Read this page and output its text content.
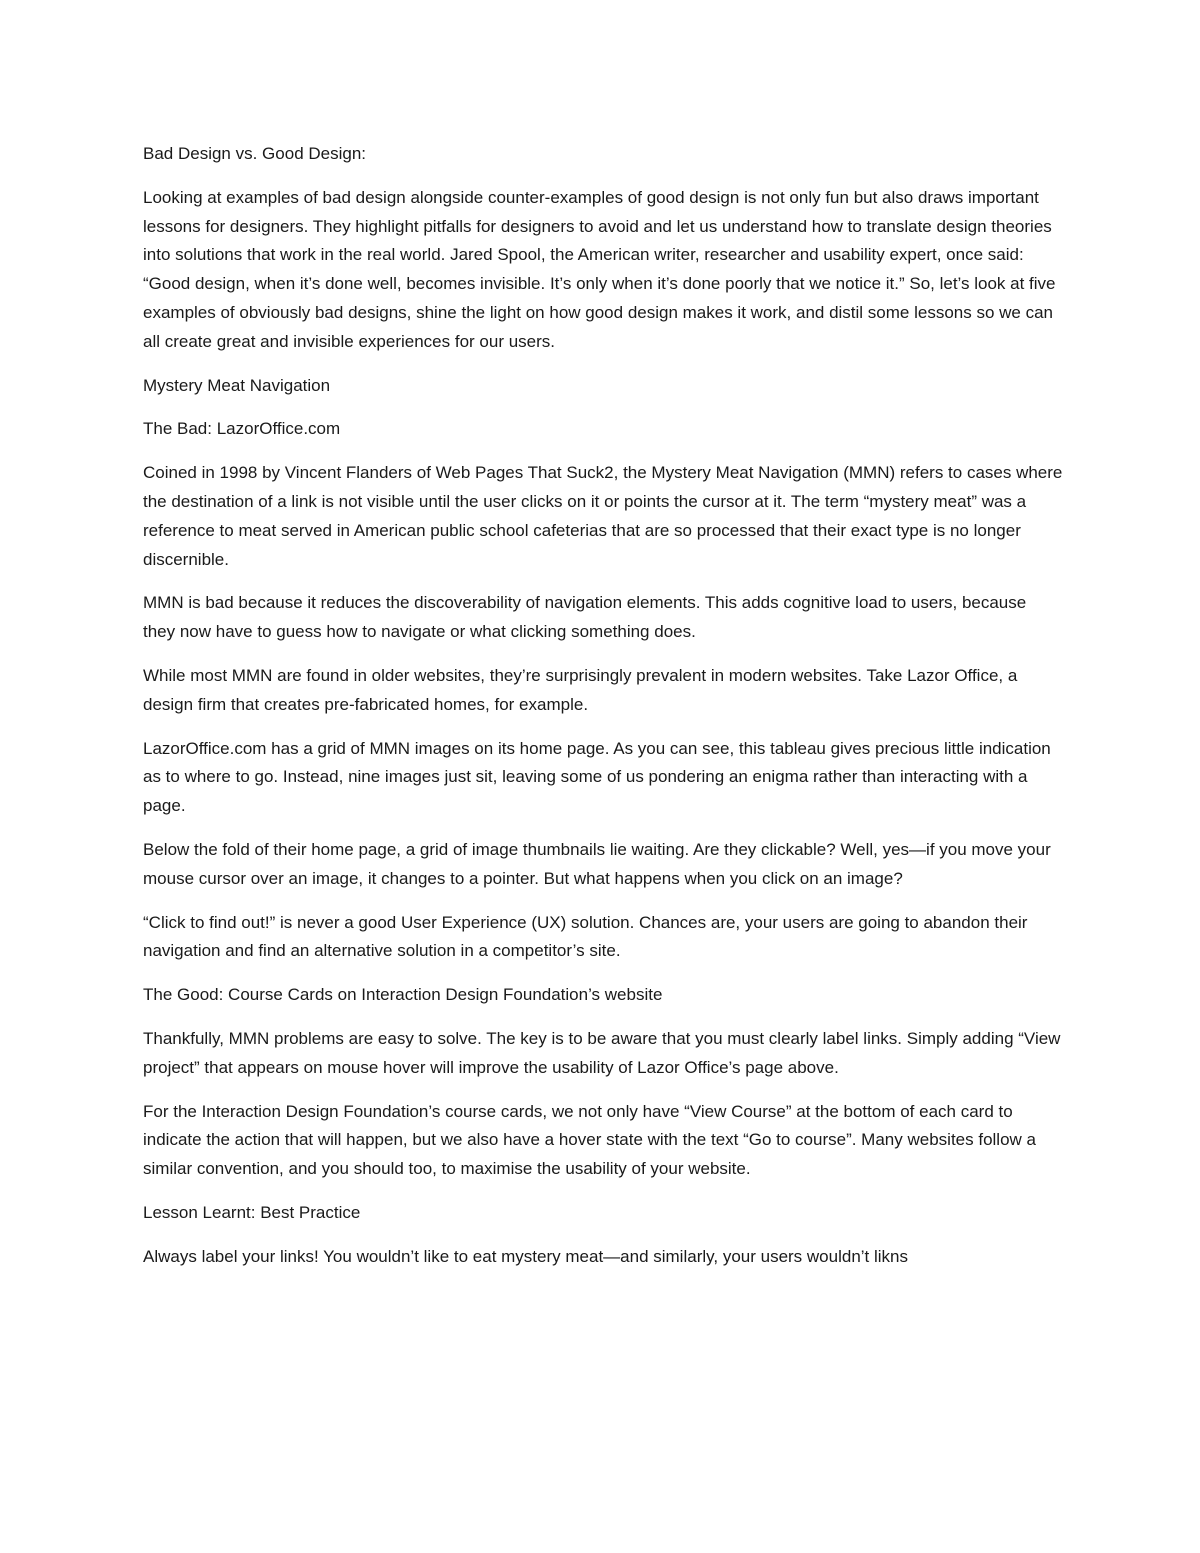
Bad Design vs. Good Design:

Looking at examples of bad design alongside counter-examples of good design is not only fun but also draws important lessons for designers. They highlight pitfalls for designers to avoid and let us understand how to translate design theories into solutions that work in the real world. Jared Spool, the American writer, researcher and usability expert, once said: “Good design, when it’s done well, becomes invisible. It’s only when it’s done poorly that we notice it.” So, let’s look at five examples of obviously bad designs, shine the light on how good design makes it work, and distil some lessons so we can all create great and invisible experiences for our users.

Mystery Meat Navigation

The Bad: LazorOffice.com

Coined in 1998 by Vincent Flanders of Web Pages That Suck2, the Mystery Meat Navigation (MMN) refers to cases where the destination of a link is not visible until the user clicks on it or points the cursor at it. The term “mystery meat” was a reference to meat served in American public school cafeterias that are so processed that their exact type is no longer discernible.

MMN is bad because it reduces the discoverability of navigation elements. This adds cognitive load to users, because they now have to guess how to navigate or what clicking something does.

While most MMN are found in older websites, they’re surprisingly prevalent in modern websites. Take Lazor Office, a design firm that creates pre-fabricated homes, for example.

LazorOffice.com has a grid of MMN images on its home page. As you can see, this tableau gives precious little indication as to where to go. Instead, nine images just sit, leaving some of us pondering an enigma rather than interacting with a page.

Below the fold of their home page, a grid of image thumbnails lie waiting. Are they clickable? Well, yes—if you move your mouse cursor over an image, it changes to a pointer. But what happens when you click on an image?

“Click to find out!” is never a good User Experience (UX) solution. Chances are, your users are going to abandon their navigation and find an alternative solution in a competitor’s site.

The Good: Course Cards on Interaction Design Foundation’s website

Thankfully, MMN problems are easy to solve. The key is to be aware that you must clearly label links. Simply adding “View project” that appears on mouse hover will improve the usability of Lazor Office’s page above.

For the Interaction Design Foundation’s course cards, we not only have “View Course” at the bottom of each card to indicate the action that will happen, but we also have a hover state with the text “Go to course”. Many websites follow a similar convention, and you should too, to maximise the usability of your website.

Lesson Learnt: Best Practice

Always label your links! You wouldn’t like to eat mystery meat—and similarly, your users wouldn’t likns
